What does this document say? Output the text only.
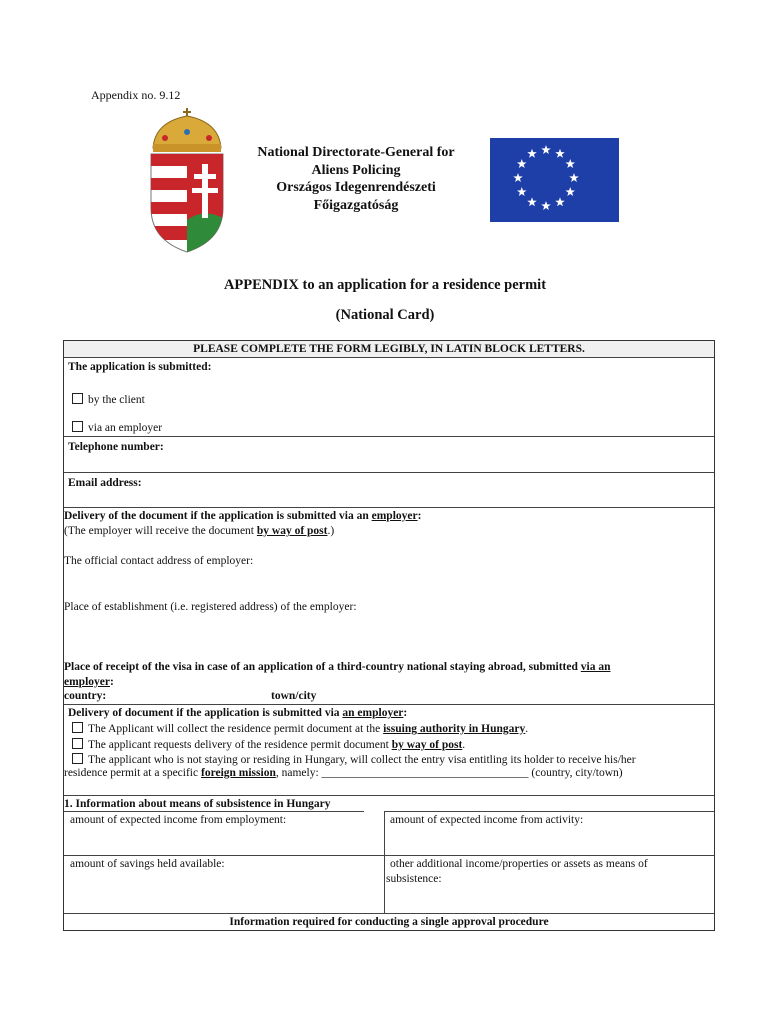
Appendix no. 9.12
National Directorate-General for
Aliens Policing
Országos Idegenrendészeti
Főigazgatóság
APPENDIX to an application for a residence permit
(National Card)
PLEASE COMPLETE THE FORM LEGIBLY, IN LATIN BLOCK LETTERS.
The application is submitted:
by the client
via an employer
Telephone number:
Email address:
Delivery of the document if the application is submitted via an employer:
(The employer will receive the document by way of post.)
The official contact address of employer:
Place of establishment (i.e. registered address) of the employer:
Place of receipt of the visa in case of an application of a third-country national staying abroad, submitted via an
employer:
country:	town/city
Delivery of document if the application is submitted via an employer:
The Applicant will collect the residence permit document at the issuing authority in Hungary.
The applicant requests delivery of the residence permit document by way of post.
The applicant who is not staying or residing in Hungary, will collect the entry visa entitling its holder to receive his/her
residence permit at a specific foreign mission, namely: ____________________________________ (country, city/town)
1. Information about means of subsistence in Hungary
amount of expected income from employment:	amount of expected income from activity:
amount of savings held available:	other additional income/properties or assets as means of
subsistence:
Information required for conducting a single approval procedure
